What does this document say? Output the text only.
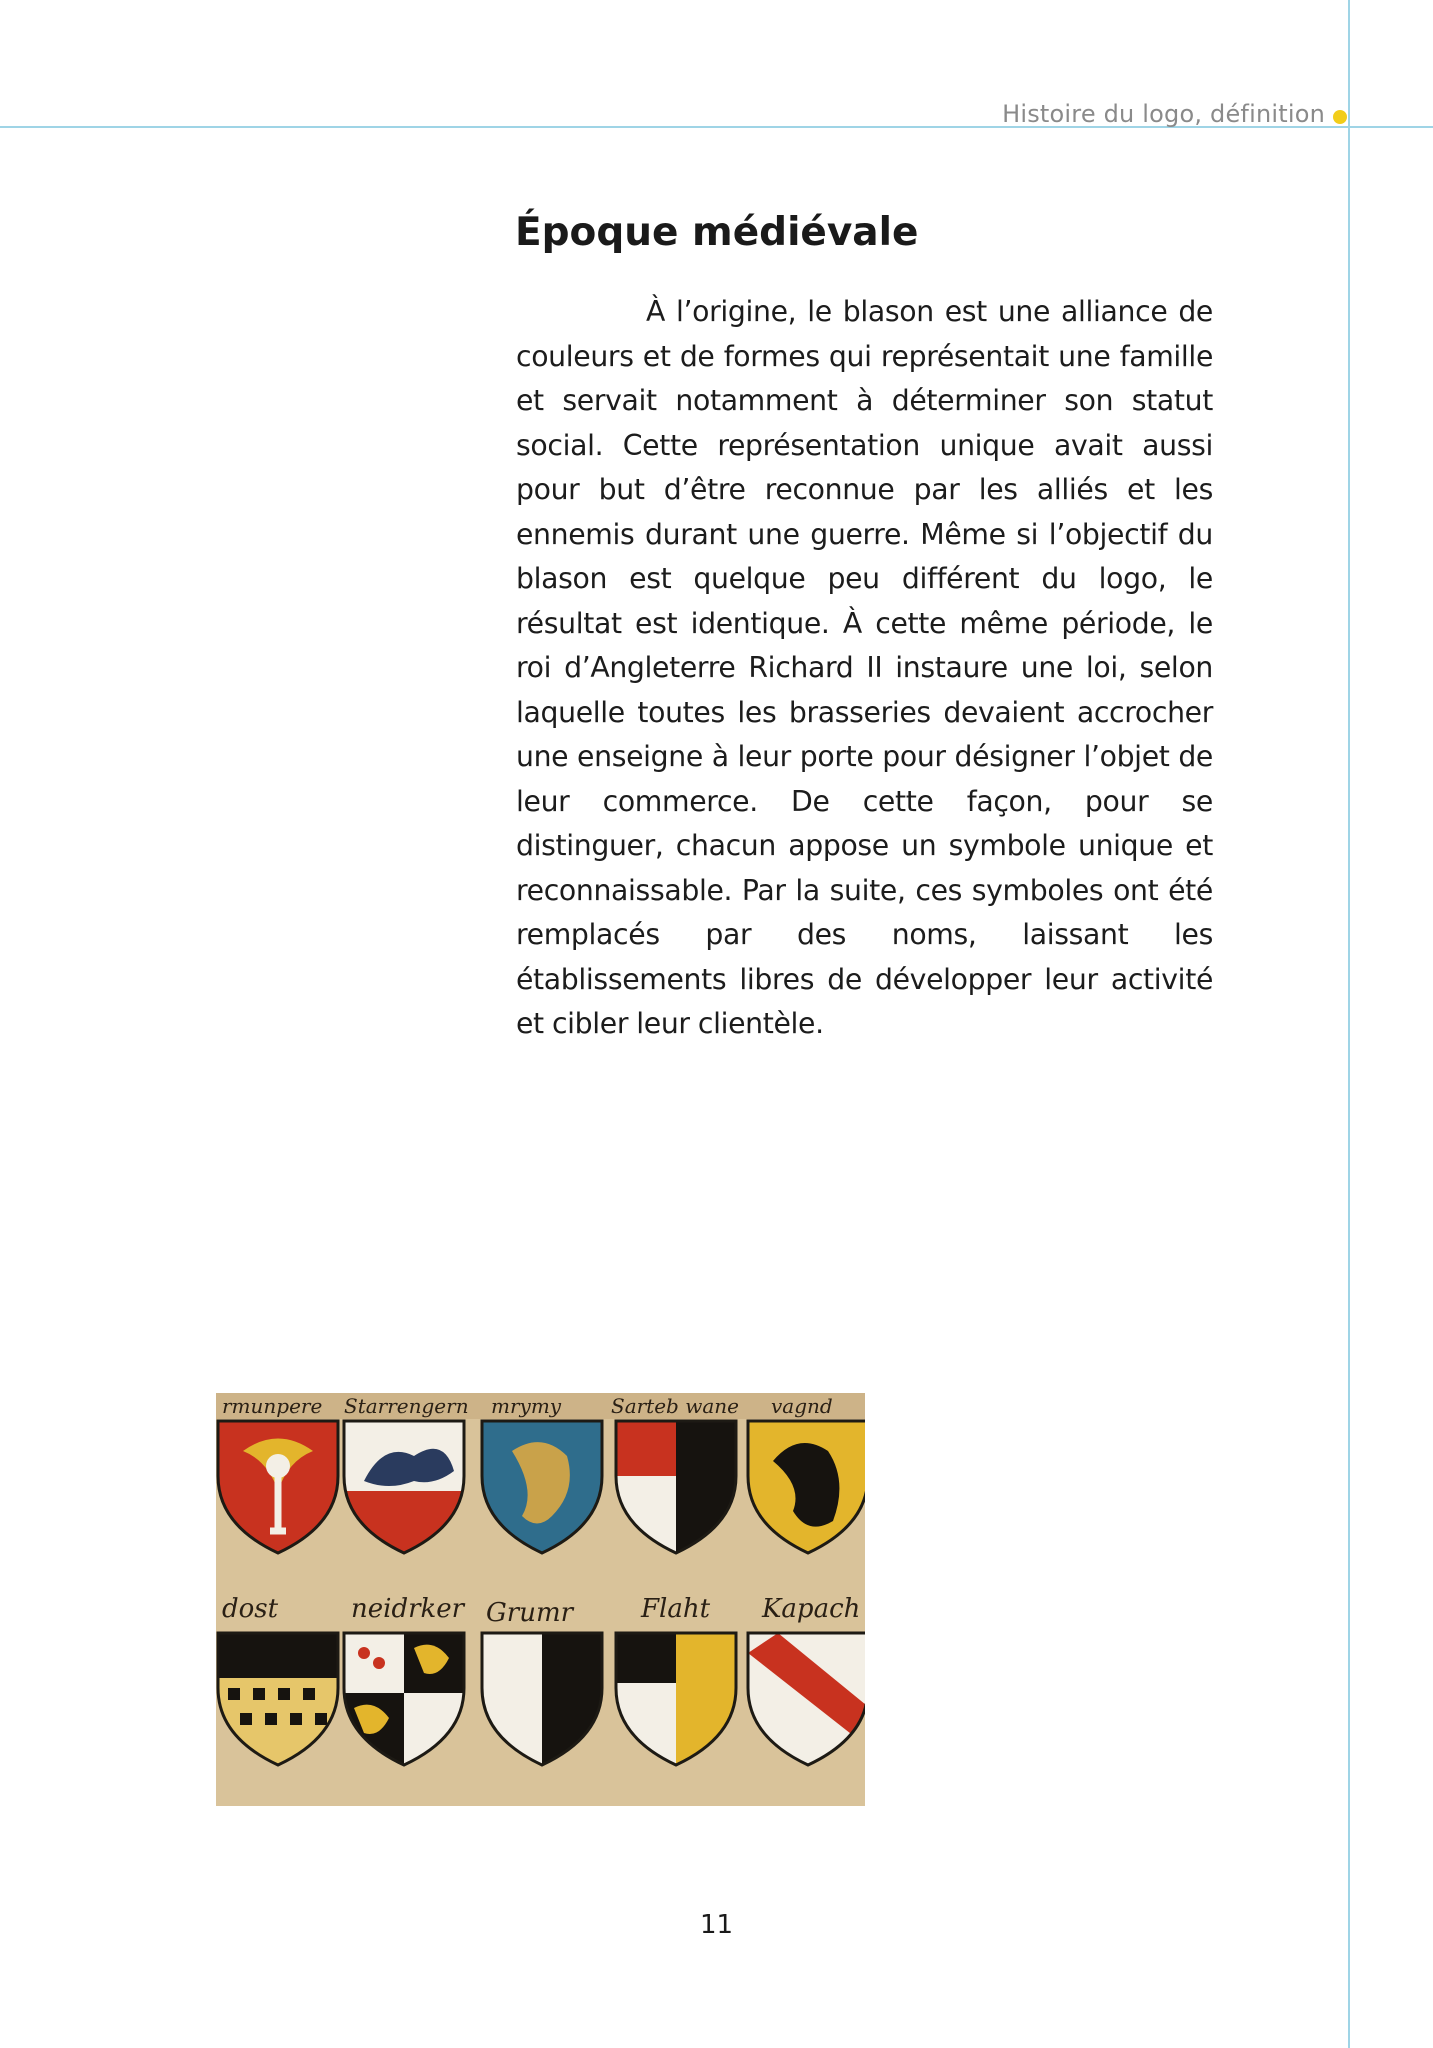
Histoire du logo, définition
Époque médiévale

À l’origine, le blason est une alliance de couleurs et de formes qui représentait une famille et servait notamment à déterminer son statut social. Cette représentation unique avait aussi pour but d’être reconnue par les alliés et les ennemis durant une guerre. Même si l’objectif du blason est quelque peu différent du logo, le résultat est identique. À cette même période, le roi d’Angleterre Richard II instaure une loi, selon laquelle toutes les brasseries devaient accrocher une enseigne à leur porte pour désigner l’objet de leur commerce. De cette façon, pour se distinguer, chacun appose un symbole unique et reconnaissable. Par la suite, ces symboles ont été remplacés par des noms, laissant les établissements libres de développer leur activité et cibler leur clientèle.

rmunpere Starrengern mrymy Sarteb wane vagnd
dost	neidrker Grumr	Flaht Kapach
11
